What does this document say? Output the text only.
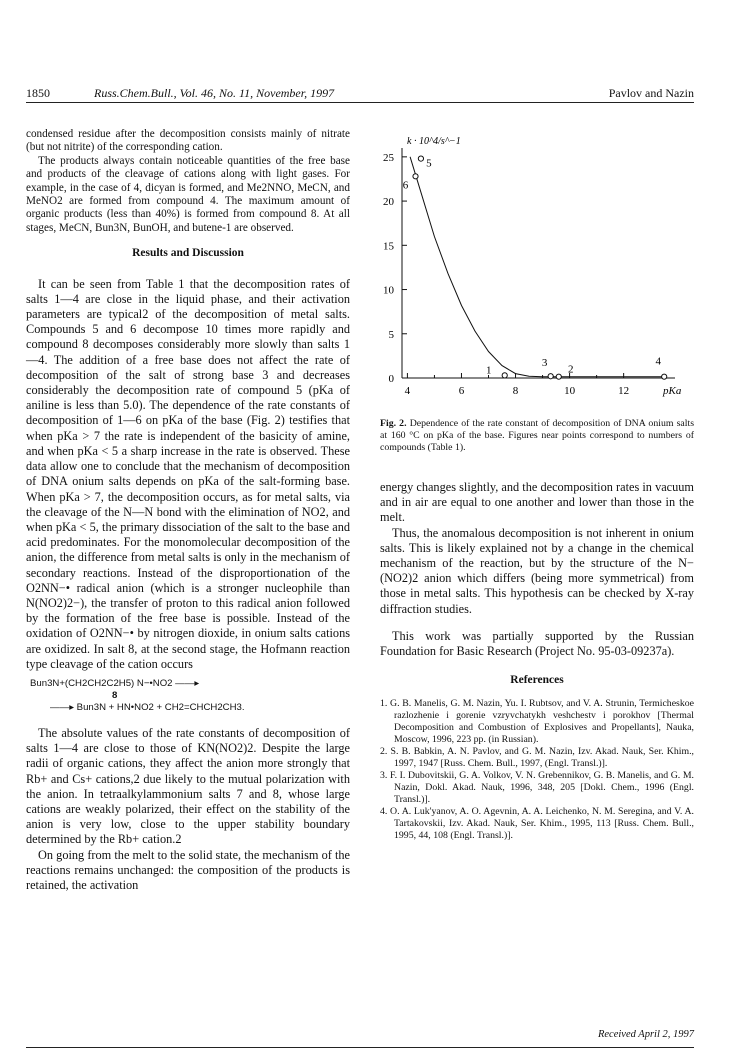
1850	Russ.Chem.Bull., Vol. 46, No. 11, November, 1997	Pavlov and Nazin

condensed residue after the decomposition consists mainly of nitrate (but not nitrite) of the corresponding cation.

The products always contain noticeable quantities of the free base and products of the cleavage of cations along with light gases. For example, in the case of 4, dicyan is formed, and Me2NNO, MeCN, and MeNO2 are formed from compound 4. The maximum amount of organic products (less than 40%) is formed from compound 8. At all stages, MeCN, Bun3N, BunOH, and butene-1 are observed.

Results and Discussion

It can be seen from Table 1 that the decomposition rates of salts 1—4 are close in the liquid phase, and their activation parameters are typical2 of the decomposition of metal salts. Compounds 5 and 6 decompose 10 times more rapidly and compound 8 decomposes considerably more slowly than salts 1—4. The addition of a free base does not affect the rate of decomposition of the salt of strong base 3 and decreases considerably the decomposition rate of compound 5 (pKa of aniline is less than 5.0). The dependence of the rate constants of decomposition of 1—6 on pKa of the base (Fig. 2) testifies that when pKa > 7 the rate is independent of the basicity of amine, and when pKa < 5 a sharp increase in the rate is observed. These data allow one to conclude that the mechanism of decomposition of DNA onium salts depends on pKa of the salt-forming base. When pKa > 7, the decomposition occurs, as for metal salts, via the cleavage of the N—N bond with the elimination of NO2, and when pKa < 5, the primary dissociation of the salt to the base and acid predominates. For the monomolecular decomposition of the anion, the difference from metal salts is only in the mechanism of secondary reactions. Instead of the disproportionation of the O2NN−• radical anion (which is a stronger nucleophile than N(NO2)2−), the transfer of proton to this radical anion followed by the formation of the free base is possible. Instead of the oxidation of O2NN−• by nitrogen dioxide, in onium salts cations are oxidized. In salt 8, at the second stage, the Hofmann reaction type cleavage of the cation occurs

Bun3N+(CH2CH2C2H5) N−•NO2 ——▸
8
——▸ Bun3N + HN•NO2 + CH2=CHCH2CH3.

The absolute values of the rate constants of decomposition of salts 1—4 are close to those of KN(NO2)2. Despite the large radii of organic cations, they affect the anion more strongly that Rb+ and Cs+ cations,2 due likely to the mutual polarization with the anion. In tetraalkylammonium salts 7 and 8, whose large cations are weakly polarized, their effect on the stability of the anion is very low, close to the upper stability boundary determined by the Rb+ cation.2

On going from the melt to the solid state, the mechanism of the reactions remains unchanged: the composition of the products is retained, the activation

0
5
10
15
20
25
4	6	8	10	12
k · 10^4/s^−1
pKa
6
5
1
3
2
4
Fig. 2. Dependence of the rate constant of decomposition of DNA onium salts at 160 °C on pKa of the base. Figures near points correspond to numbers of compounds (Table 1).

energy changes slightly, and the decomposition rates in vacuum and in air are equal to one another and lower than those in the melt.

Thus, the anomalous decomposition is not inherent in onium salts. This is likely explained not by a change in the chemical mechanism of the reaction, but by the structure of the N−(NO2)2 anion which differs (being more symmetrical) from those in metal salts. This hypothesis can be checked by X-ray diffraction studies.

This work was partially supported by the Russian Foundation for Basic Research (Project No. 95-03-09237a).

References
1. G. B. Manelis, G. M. Nazin, Yu. I. Rubtsov, and V. A. Strunin, Termicheskoe razlozhenie i gorenie vzryvchatykh veshchestv i porokhov [Thermal Decomposition and Combustion of Explosives and Propellants], Nauka, Moscow, 1996, 223 pp. (in Russian).
2. S. B. Babkin, A. N. Pavlov, and G. M. Nazin, Izv. Akad. Nauk, Ser. Khim., 1997, 1947 [Russ. Chem. Bull., 1997, (Engl. Transl.)].
3. F. I. Dubovitskii, G. A. Volkov, V. N. Grebennikov, G. B. Manelis, and G. M. Nazin, Dokl. Akad. Nauk, 1996, 348, 205 [Dokl. Chem., 1996 (Engl. Transl.)].
4. O. A. Luk'yanov, A. O. Agevnin, A. A. Leichenko, N. M. Seregina, and V. A. Tartakovskii, Izv. Akad. Nauk, Ser. Khim., 1995, 113 [Russ. Chem. Bull., 1995, 44, 108 (Engl. Transl.)].
Received April 2, 1997
